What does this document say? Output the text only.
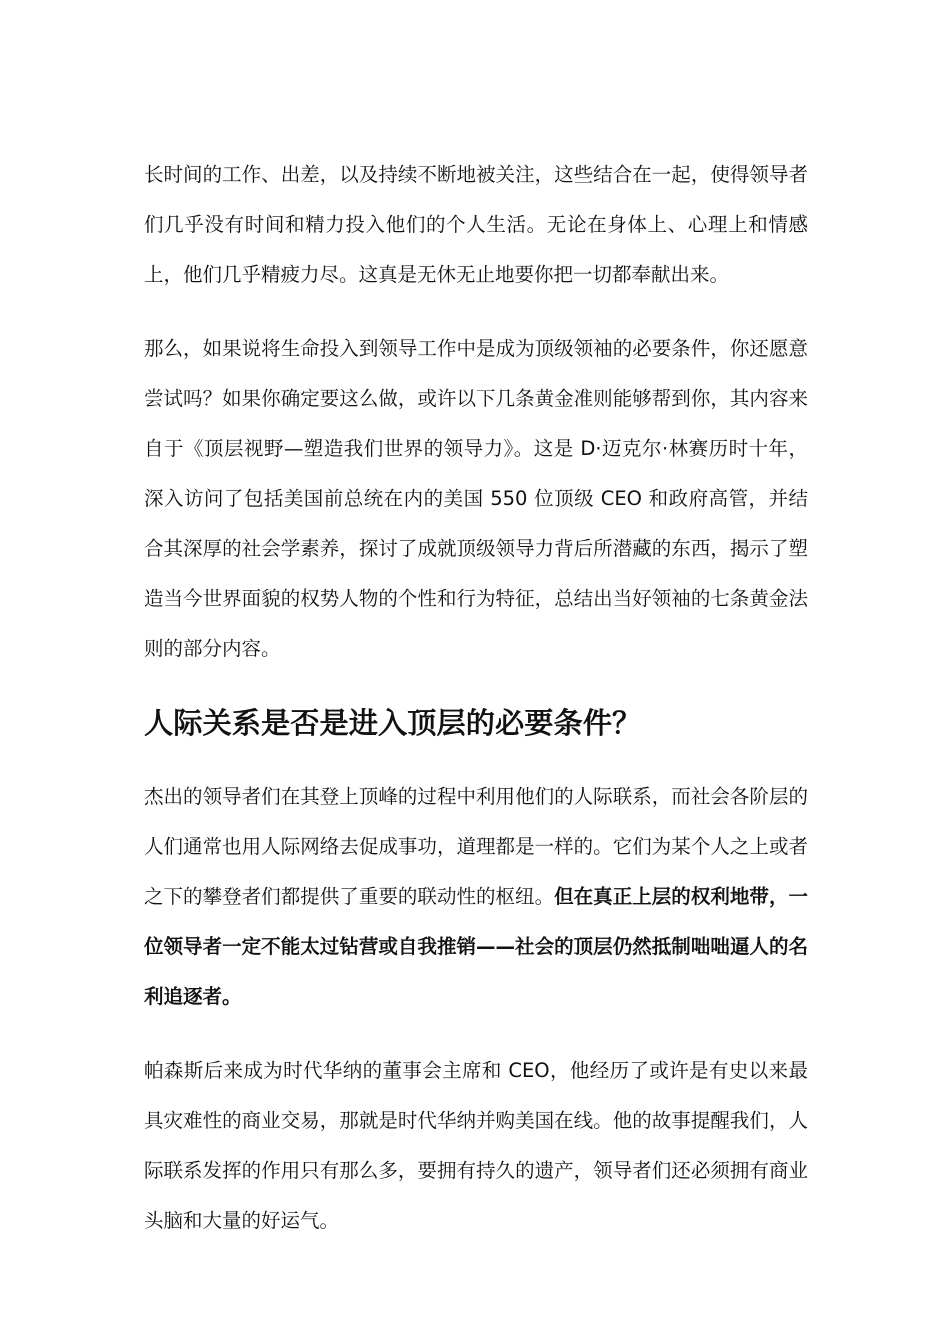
长时间的工作、出差，以及持续不断地被关注，这些结合在一起，使得领导者们几乎没有时间和精力投入他们的个人生活。无论在身体上、心理上和情感上，他们几乎精疲力尽。这真是无休无止地要你把一切都奉献出来。

那么，如果说将生命投入到领导工作中是成为顶级领袖的必要条件，你还愿意尝试吗？如果你确定要这么做，或许以下几条黄金准则能够帮到你，其内容来自于《顶层视野—塑造我们世界的领导力》。这是 D·迈克尔·林赛历时十年，深入访问了包括美国前总统在内的美国 550 位顶级 CEO 和政府高管，并结合其深厚的社会学素养，探讨了成就顶级领导力背后所潜藏的东西，揭示了塑造当今世界面貌的权势人物的个性和行为特征，总结出当好领袖的七条黄金法则的部分内容。

人际关系是否是进入顶层的必要条件？

杰出的领导者们在其登上顶峰的过程中利用他们的人际联系，而社会各阶层的人们通常也用人际网络去促成事功，道理都是一样的。它们为某个人之上或者之下的攀登者们都提供了重要的联动性的枢纽。但在真正上层的权利地带，一位领导者一定不能太过钻营或自我推销——社会的顶层仍然抵制咄咄逼人的名利追逐者。

帕森斯后来成为时代华纳的董事会主席和 CEO，他经历了或许是有史以来最具灾难性的商业交易，那就是时代华纳并购美国在线。他的故事提醒我们，人际联系发挥的作用只有那么多，要拥有持久的遗产，领导者们还必须拥有商业头脑和大量的好运气。
